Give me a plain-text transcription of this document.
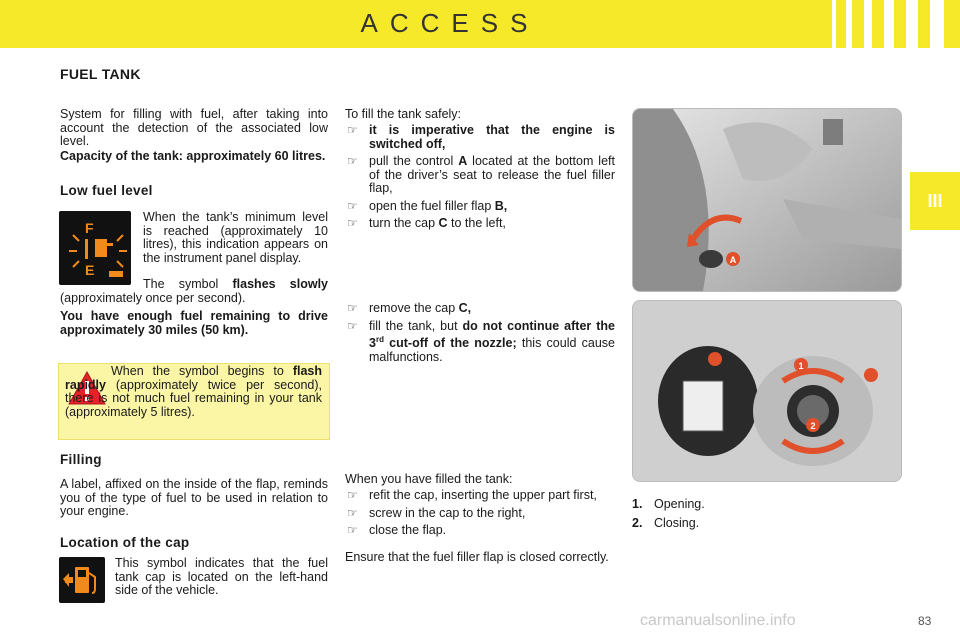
ACCESS
III
FUEL TANK
System for filling with fuel, after taking into account the detection of the associated low level.
Capacity of the tank: approximately 60 litres.
Low fuel level
F
E
When the tank’s minimum level is reached (approximately 10 litres), this indication appears on the instrument panel display.
The symbol flashes slowly (approximately once per second).
You have enough fuel remaining to drive approximately 30 miles (50 km).
When the symbol begins to flash rapidly (approximately twice per second), there is not much fuel remaining in your tank (approximately 5 litres).
Filling
A label, affixed on the inside of the flap, reminds you of the type of fuel to be used in relation to your engine.
Location of the cap
This symbol indicates that the fuel tank cap is located on the left-hand side of the vehicle.
To fill the tank safely:
☞ it is imperative that the engine is switched off,
☞ pull the control A located at the bottom left of the driver’s seat to release the fuel filler flap,
☞ open the fuel filler flap B,
☞ turn the cap C to the left,
☞ remove the cap C,
☞ fill the tank, but do not continue after the 3rd cut-off of the nozzle; this could cause malfunctions.
When you have filled the tank:
☞ refit the cap, inserting the upper part first,
☞ screw in the cap to the right,
☞ close the flap.
Ensure that the fuel filler flap is closed correctly.
A
1
2
1. Opening.
2. Closing.
carmanualsonline.info	83
